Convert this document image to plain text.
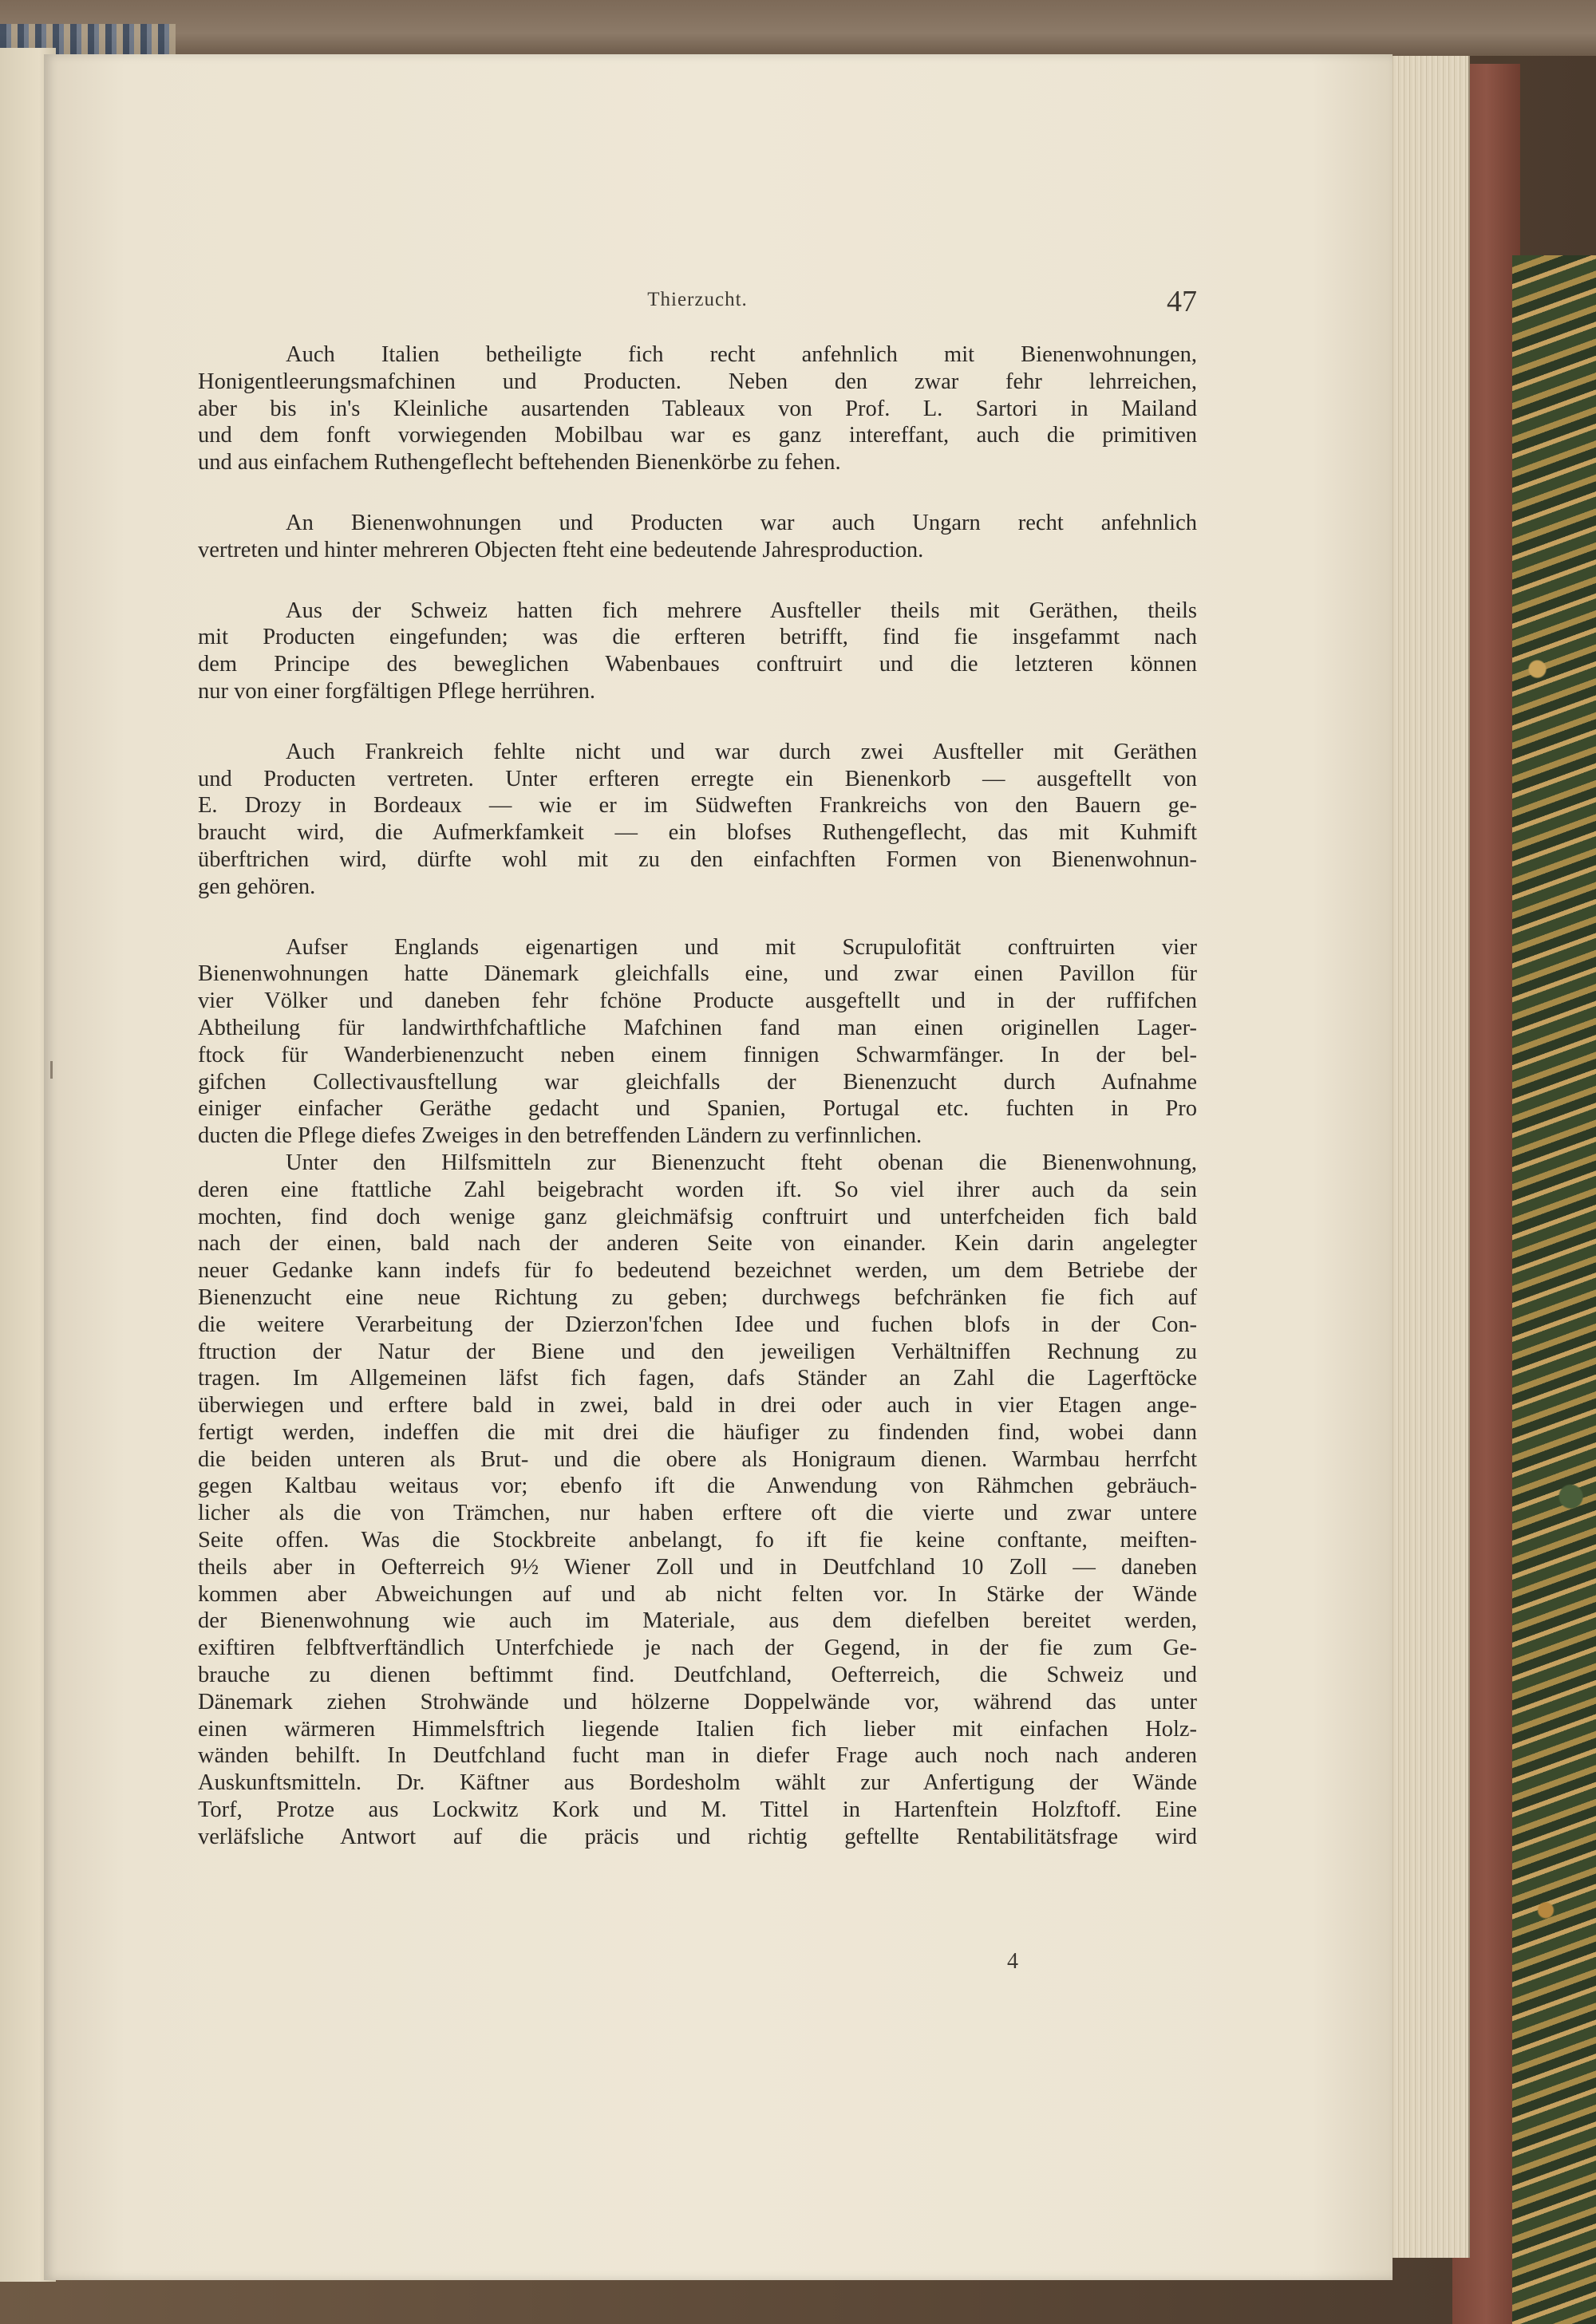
Thierzucht.	47
Auch Italien betheiligte fich recht anfehnlich mit Bienenwohnungen,
Honigentleerungsmafchinen und Producten. Neben den zwar fehr lehrreichen,
aber bis in's Kleinliche ausartenden Tableaux von Prof. L. Sartori in Mailand
und dem fonft vorwiegenden Mobilbau war es ganz intereffant, auch die primitiven
und aus einfachem Ruthengeflecht beftehenden Bienenkörbe zu fehen.
An Bienenwohnungen und Producten war auch Ungarn recht anfehnlich
vertreten und hinter mehreren Objecten fteht eine bedeutende Jahresproduction.
Aus der Schweiz hatten fich mehrere Ausfteller theils mit Geräthen, theils
mit Producten eingefunden; was die erfteren betrifft, find fie insgefammt nach
dem Principe des beweglichen Wabenbaues conftruirt und die letzteren können
nur von einer forgfältigen Pflege herrühren.
Auch Frankreich fehlte nicht und war durch zwei Ausfteller mit Geräthen
und Producten vertreten. Unter erfteren erregte ein Bienenkorb — ausgeftellt von
E. Drozy in Bordeaux — wie er im Südweften Frankreichs von den Bauern ge-
braucht wird, die Aufmerkfamkeit — ein blofses Ruthengeflecht, das mit Kuhmift
überftrichen wird, dürfte wohl mit zu den einfachften Formen von Bienenwohnun-
gen gehören.
Aufser Englands eigenartigen und mit Scrupulofität conftruirten vier
Bienenwohnungen hatte Dänemark gleichfalls eine, und zwar einen Pavillon für
vier Völker und daneben fehr fchöne Producte ausgeftellt und in der ruffifchen
Abtheilung für landwirthfchaftliche Mafchinen fand man einen originellen Lager-
ftock für Wanderbienenzucht neben einem finnigen Schwarmfänger. In der bel-
gifchen Collectivausftellung war gleichfalls der Bienenzucht durch Aufnahme
einiger einfacher Geräthe gedacht und Spanien, Portugal etc. fuchten in Pro
ducten die Pflege diefes Zweiges in den betreffenden Ländern zu verfinnlichen.
Unter den Hilfsmitteln zur Bienenzucht fteht obenan die Bienenwohnung,
deren eine ftattliche Zahl beigebracht worden ift. So viel ihrer auch da sein
mochten, find doch wenige ganz gleichmäfsig conftruirt und unterfcheiden fich bald
nach der einen, bald nach der anderen Seite von einander. Kein darin angelegter
neuer Gedanke kann indefs für fo bedeutend bezeichnet werden, um dem Betriebe der
Bienenzucht eine neue Richtung zu geben; durchwegs befchränken fie fich auf
die weitere Verarbeitung der Dzierzon'fchen Idee und fuchen blofs in der Con-
ftruction der Natur der Biene und den jeweiligen Verhältniffen Rechnung zu
tragen. Im Allgemeinen läfst fich fagen, dafs Ständer an Zahl die Lagerftöcke
überwiegen und erftere bald in zwei, bald in drei oder auch in vier Etagen ange-
fertigt werden, indeffen die mit drei die häufiger zu findenden find, wobei dann
die beiden unteren als Brut- und die obere als Honigraum dienen. Warmbau herrfcht
gegen Kaltbau weitaus vor; ebenfo ift die Anwendung von Rähmchen gebräuch-
licher als die von Trämchen, nur haben erftere oft die vierte und zwar untere
Seite offen. Was die Stockbreite anbelangt, fo ift fie keine conftante, meiften-
theils aber in Oefterreich 9½ Wiener Zoll und in Deutfchland 10 Zoll — daneben
kommen aber Abweichungen auf und ab nicht felten vor. In Stärke der Wände
der Bienenwohnung wie auch im Materiale, aus dem diefelben bereitet werden,
exiftiren felbftverftändlich Unterfchiede je nach der Gegend, in der fie zum Ge-
brauche zu dienen beftimmt find. Deutfchland, Oefterreich, die Schweiz und
Dänemark ziehen Strohwände und hölzerne Doppelwände vor, während das unter
einen wärmeren Himmelsftrich liegende Italien fich lieber mit einfachen Holz-
wänden behilft. In Deutfchland fucht man in diefer Frage auch noch nach anderen
Auskunftsmitteln. Dr. Käftner aus Bordesholm wählt zur Anfertigung der Wände
Torf, Protze aus Lockwitz Kork und M. Tittel in Hartenftein Holzftoff. Eine
verläfsliche Antwort auf die präcis und richtig geftellte Rentabilitätsfrage wird
4
